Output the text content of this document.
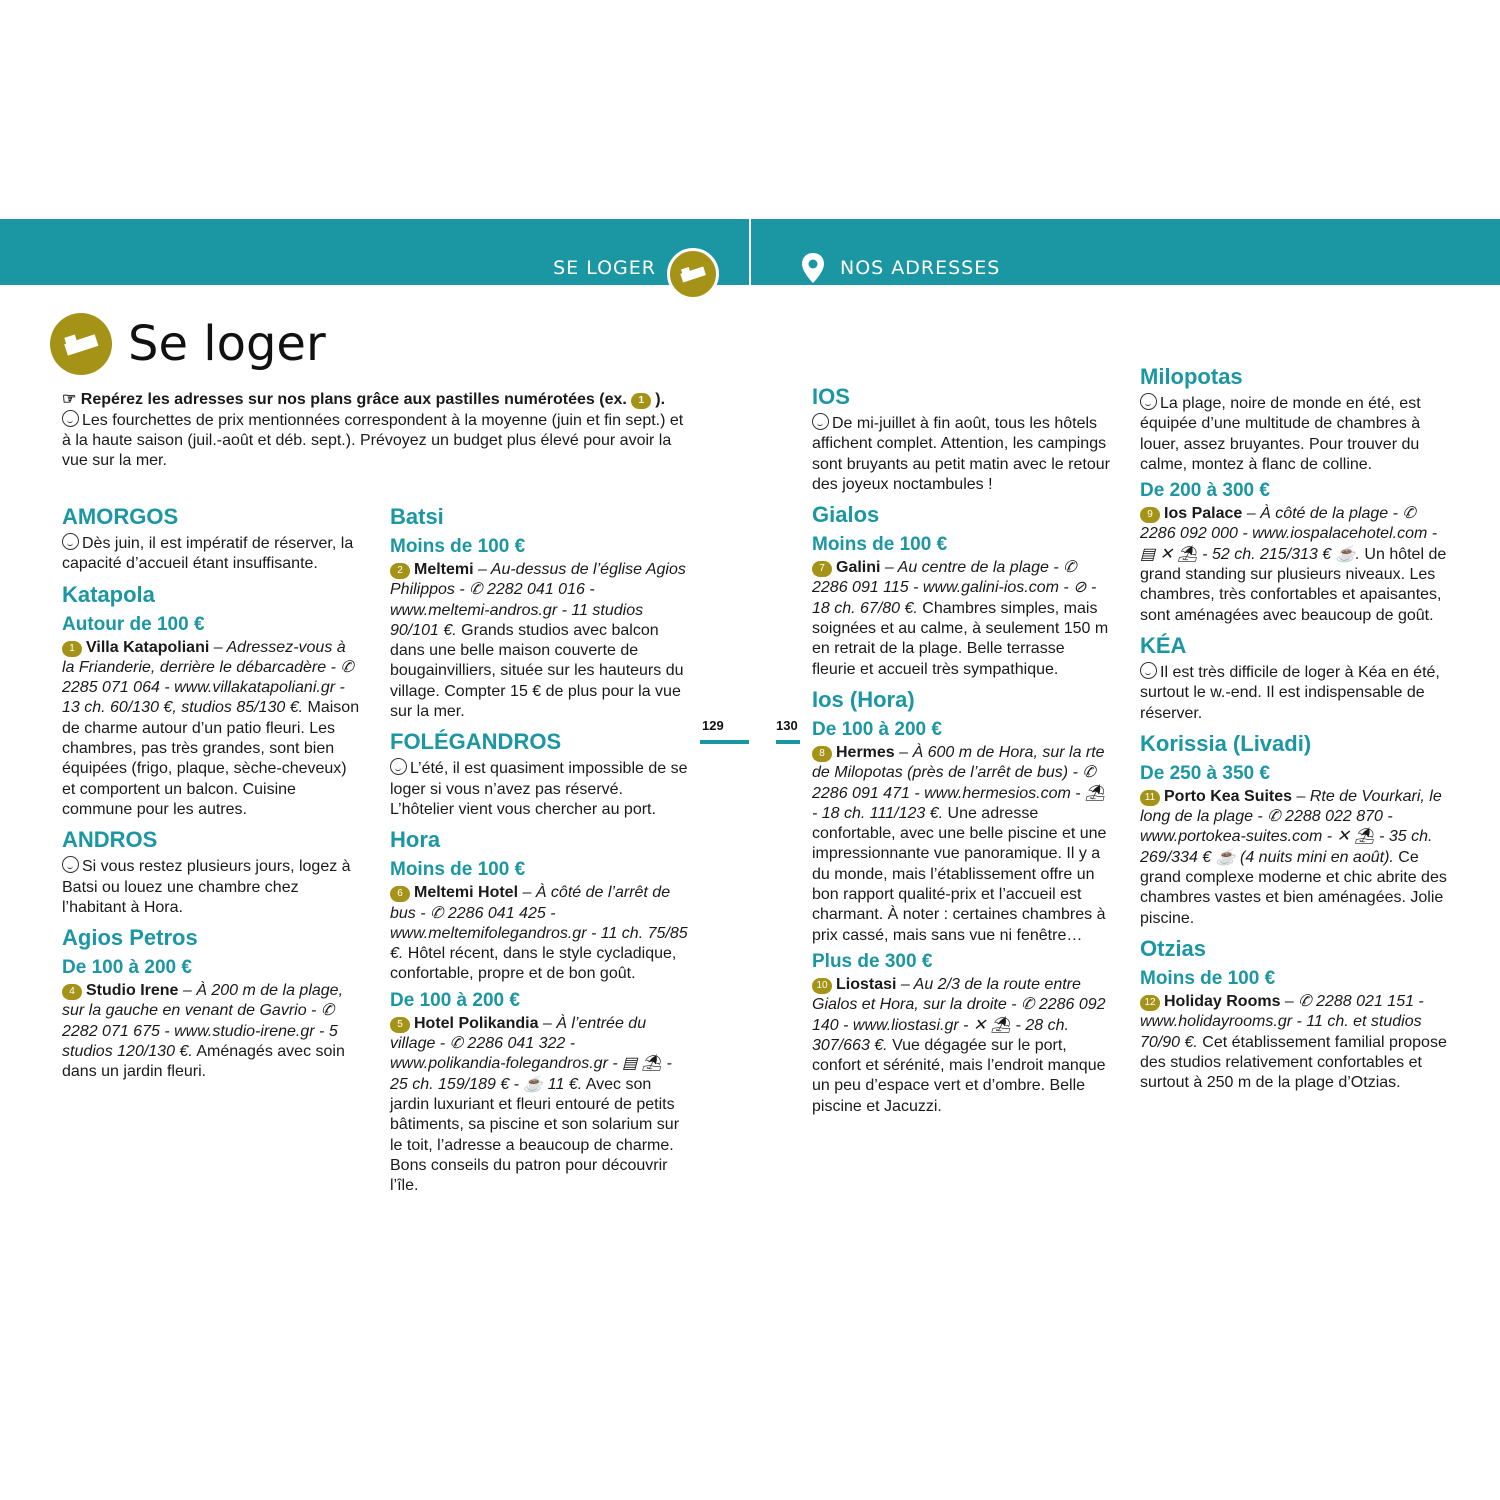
SE LOGER	NOS ADRESSES
Se loger

☞ Repérez les adresses sur nos plans grâce aux pastilles numérotées (ex. 1 ).

Les fourchettes de prix mentionnées correspondent à la moyenne (juin et fin sept.) et à la haute saison (juil.-août et déb. sept.). Prévoyez un budget plus élevé pour avoir la vue sur la mer.

129	130
AMORGOS

Dès juin, il est impératif de réserver, la capacité d’accueil étant insuffisante.

Katapola
Autour de 100 €

1 Villa Katapoliani – Adressez-vous à la Frianderie, derrière le débarcadère - ✆ 2285 071 064 - www.villakatapoliani.gr - 13 ch. 60/130 €, studios 85/130 €. Maison de charme autour d’un patio fleuri. Les chambres, pas très grandes, sont bien équipées (frigo, plaque, sèche-cheveux) et comportent un balcon. Cuisine commune pour les autres.

ANDROS

Si vous restez plusieurs jours, logez à Batsi ou louez une chambre chez l’habitant à Hora.

Agios Petros
De 100 à 200 €

4 Studio Irene – À 200 m de la plage, sur la gauche en venant de Gavrio - ✆ 2282 071 675 - www.studio-irene.gr - 5 studios 120/130 €. Aménagés avec soin dans un jardin fleuri.

Batsi
Moins de 100 €

2 Meltemi – Au-dessus de l’église Agios Philippos - ✆ 2282 041 016 - www.meltemi-andros.gr - 11 studios 90/101 €. Grands studios avec balcon dans une belle maison couverte de bougainvilliers, située sur les hauteurs du village. Compter 15 € de plus pour la vue sur la mer.

FOLÉGANDROS

L’été, il est quasiment impossible de se loger si vous n’avez pas réservé. L’hôtelier vient vous chercher au port.

Hora
Moins de 100 €

6 Meltemi Hotel – À côté de l’arrêt de bus - ✆ 2286 041 425 - www.meltemifolegandros.gr - 11 ch. 75/85 €. Hôtel récent, dans le style cycladique, confortable, propre et de bon goût.

De 100 à 200 €

5 Hotel Polikandia – À l’entrée du village - ✆ 2286 041 322 - www.polikandia-folegandros.gr - ▤ ⛱ - 25 ch. 159/189 € - ☕ 11 €. Avec son jardin luxuriant et fleuri entouré de petits bâtiments, sa piscine et son solarium sur le toit, l’adresse a beaucoup de charme. Bons conseils du patron pour découvrir l’île.

IOS

De mi-juillet à fin août, tous les hôtels affichent complet. Attention, les campings sont bruyants au petit matin avec le retour des joyeux noctambules !

Gialos
Moins de 100 €

7 Galini – Au centre de la plage - ✆ 2286 091 115 - www.galini-ios.com - ⊘ - 18 ch. 67/80 €. Chambres simples, mais soignées et au calme, à seulement 150 m en retrait de la plage. Belle terrasse fleurie et accueil très sympathique.

Ios (Hora)
De 100 à 200 €

8 Hermes – À 600 m de Hora, sur la rte de Milopotas (près de l’arrêt de bus) - ✆ 2286 091 471 - www.hermesios.com - ⛱ - 18 ch. 111/123 €. Une adresse confortable, avec une belle piscine et une impressionnante vue panoramique. Il y a du monde, mais l’établissement offre un bon rapport qualité-prix et l’accueil est charmant. À noter : certaines chambres à prix cassé, mais sans vue ni fenêtre…

Plus de 300 €

10 Liostasi – Au 2/3 de la route entre Gialos et Hora, sur la droite - ✆ 2286 092 140 - www.liostasi.gr - ✕ ⛱ - 28 ch. 307/663 €. Vue dégagée sur le port, confort et sérénité, mais l’endroit manque un peu d’espace vert et d’ombre. Belle piscine et Jacuzzi.

Milopotas

La plage, noire de monde en été, est équipée d’une multitude de chambres à louer, assez bruyantes. Pour trouver du calme, montez à flanc de colline.

De 200 à 300 €

9 Ios Palace – À côté de la plage - ✆ 2286 092 000 - www.iospalacehotel.com - ▤ ✕ ⛱ - 52 ch. 215/313 € ☕. Un hôtel de grand standing sur plusieurs niveaux. Les chambres, très confortables et apaisantes, sont aménagées avec beaucoup de goût.

KÉA

Il est très difficile de loger à Kéa en été, surtout le w.-end. Il est indispensable de réserver.

Korissia (Livadi)
De 250 à 350 €

11 Porto Kea Suites – Rte de Vourkari, le long de la plage - ✆ 2288 022 870 - www.portokea-suites.com - ✕ ⛱ - 35 ch. 269/334 € ☕ (4 nuits mini en août). Ce grand complexe moderne et chic abrite des chambres vastes et bien aménagées. Jolie piscine.

Otzias
Moins de 100 €

12 Holiday Rooms – ✆ 2288 021 151 - www.holidayrooms.gr - 11 ch. et studios 70/90 €. Cet établissement familial propose des studios relativement confortables et surtout à 250 m de la plage d’Otzias.
